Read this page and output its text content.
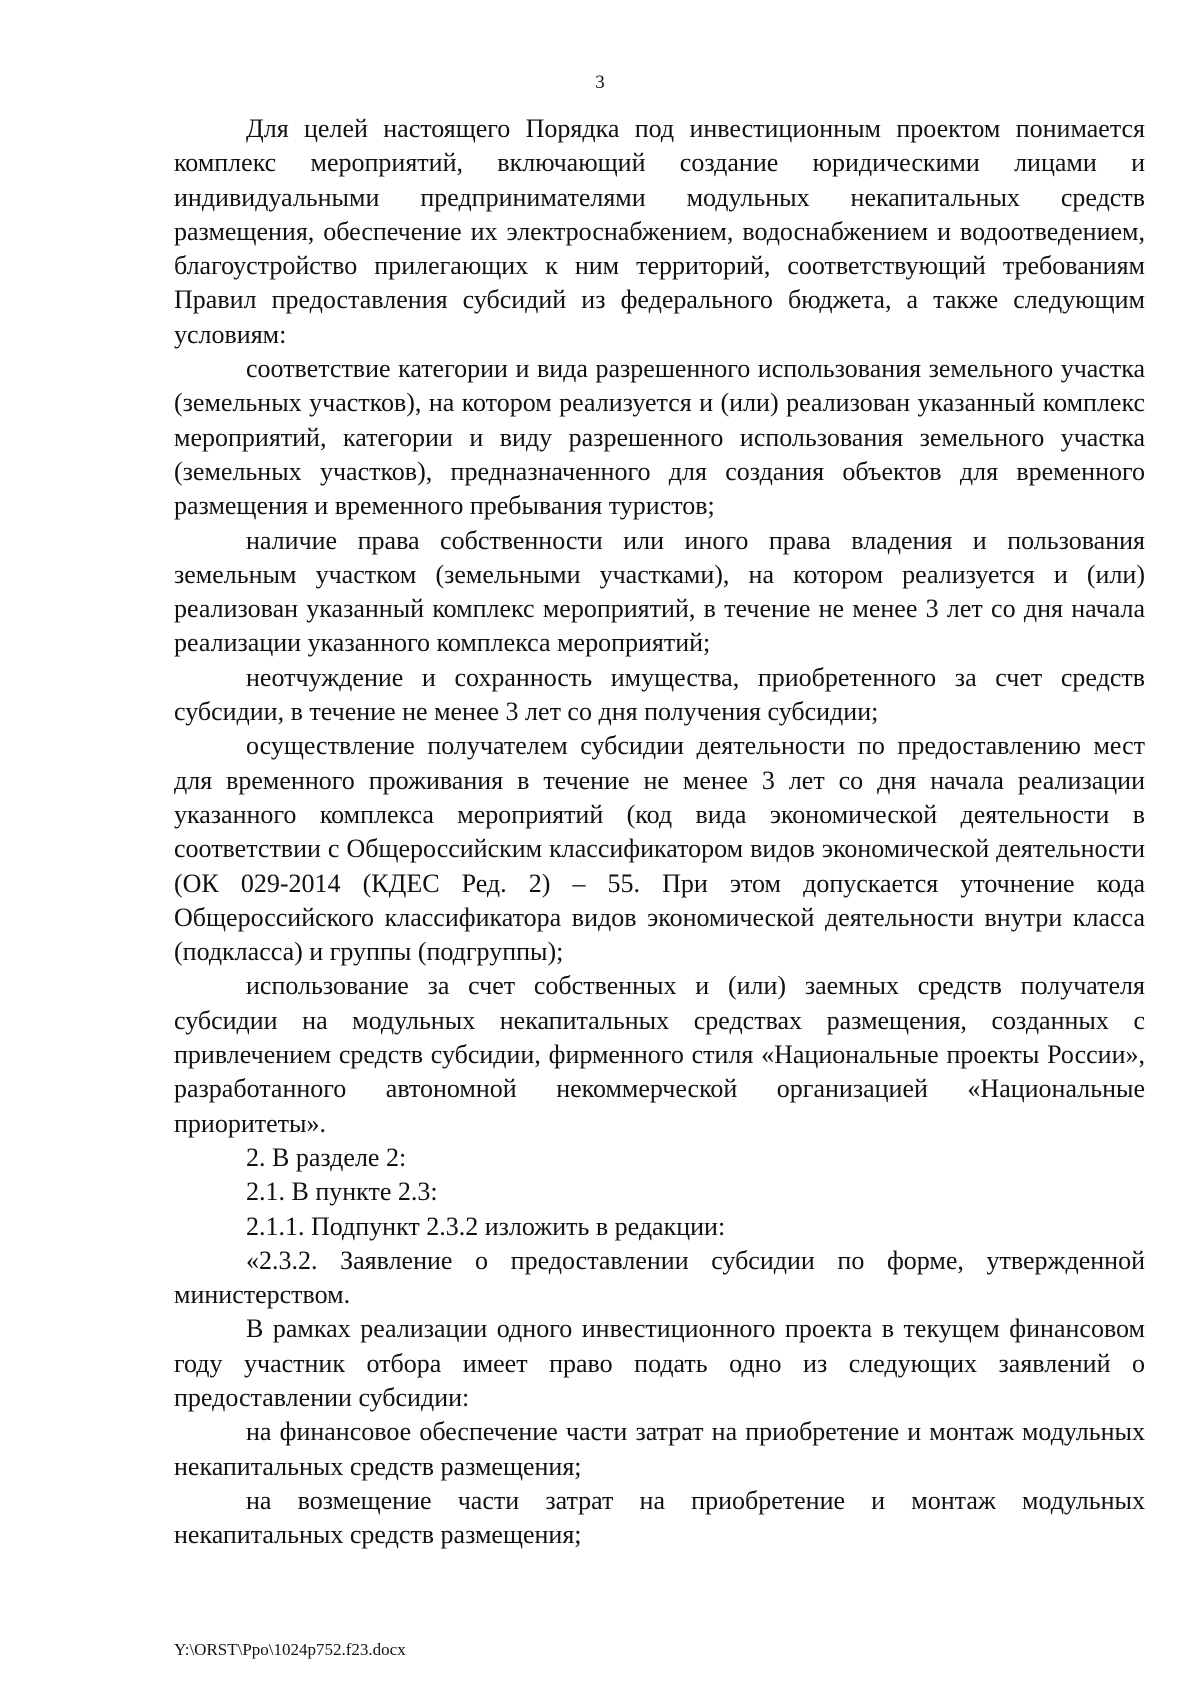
3

Для целей настоящего Порядка под инвестиционным проектом понимается комплекс мероприятий, включающий создание юридическими лицами и индивидуальными предпринимателями модульных некапитальных средств размещения, обеспечение их электроснабжением, водоснабжением и водоотведением, благоустройство прилегающих к ним территорий, соответствующий требованиям Правил предоставления субсидий из федерального бюджета, а также следующим условиям:

соответствие категории и вида разрешенного использования земельного участка (земельных участков), на котором реализуется и (или) реализован указанный комплекс мероприятий, категории и виду разрешенного использования земельного участка (земельных участков), предназначенного для создания объектов для временного размещения и временного пребывания туристов;

наличие права собственности или иного права владения и пользования земельным участком (земельными участками), на котором реализуется и (или) реализован указанный комплекс мероприятий, в течение не менее 3 лет со дня начала реализации указанного комплекса мероприятий;

неотчуждение и сохранность имущества, приобретенного за счет средств субсидии, в течение не менее 3 лет со дня получения субсидии;

осуществление получателем субсидии деятельности по предоставлению мест для временного проживания в течение не менее 3 лет со дня начала реализации указанного комплекса мероприятий (код вида экономической деятельности в соответствии с Общероссийским классификатором видов экономической деятельности (ОК 029-2014 (КДЕС Ред. 2) – 55. При этом допускается уточнение кода Общероссийского классификатора видов экономической деятельности внутри класса (подкласса) и группы (подгруппы);

использование за счет собственных и (или) заемных средств получателя субсидии на модульных некапитальных средствах размещения, созданных с привлечением средств субсидии, фирменного стиля «Национальные проекты России», разработанного автономной некоммерческой организацией «Национальные приоритеты».

2. В разделе 2:

2.1. В пункте 2.3:

2.1.1. Подпункт 2.3.2 изложить в редакции:

«2.3.2. Заявление о предоставлении субсидии по форме, утвержденной министерством.

В рамках реализации одного инвестиционного проекта в текущем финансовом году участник отбора имеет право подать одно из следующих заявлений о предоставлении субсидии:

на финансовое обеспечение части затрат на приобретение и монтаж модульных некапитальных средств размещения;

на возмещение части затрат на приобретение и монтаж модульных некапитальных средств размещения;

Y:\ORST\Ppo\1024p752.f23.docx
